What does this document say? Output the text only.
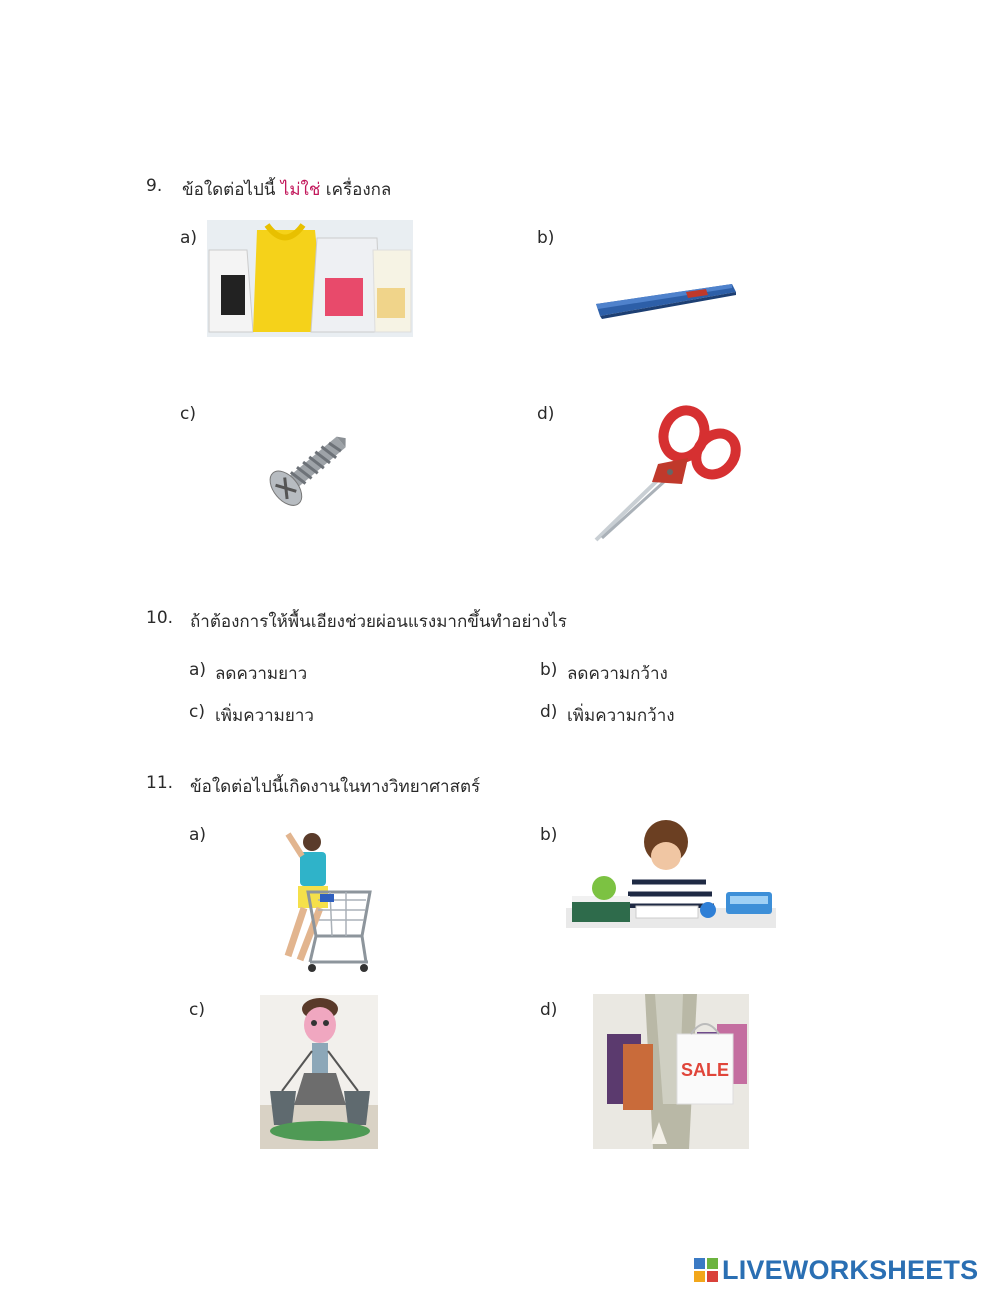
9. ข้อใดต่อไปนี้ ไม่ใช่ เครื่องกล
a)	b)
c)	d)
10. ถ้าต้องการให้พื้นเอียงช่วยผ่อนแรงมากขึ้นทำอย่างไร
a) ลดความยาว	b) ลดความกว้าง
c) เพิ่มความยาว	d) เพิ่มความกว้าง
11. ข้อใดต่อไปนี้เกิดงานในทางวิทยาศาสตร์
a)	b)
c)	d)
SALE
LIVEWORKSHEETS
